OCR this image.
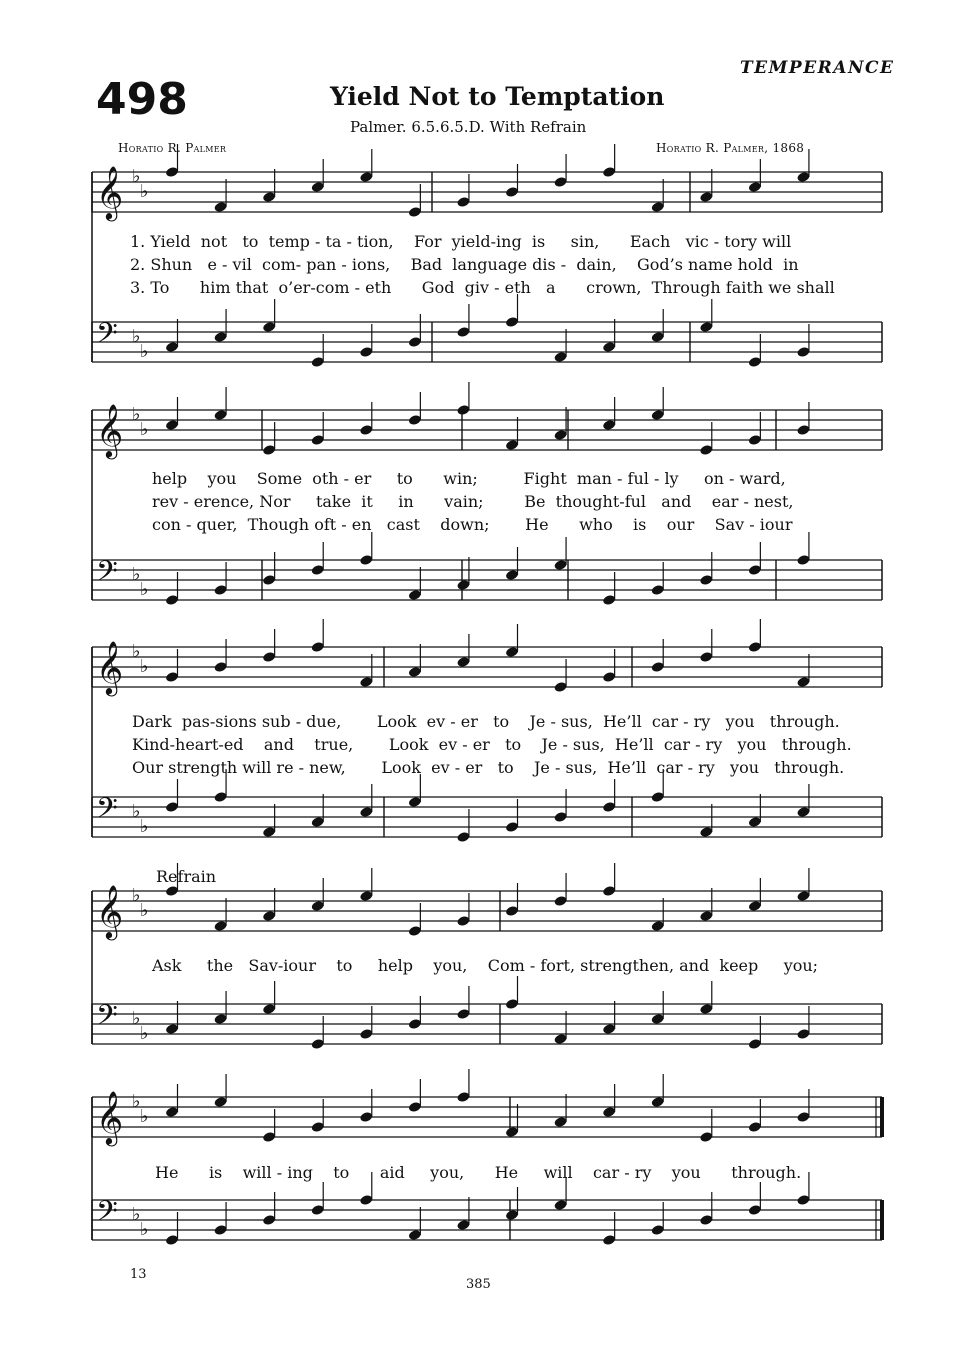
TEMPERANCE
498	Yield Not to Temptation
Palmer. 6.5.6.5.D. With Refrain
Horatio R. Palmer	Horatio R. Palmer, 1868
𝄞 ♭
♭
𝄢 ♭
♭
𝄞 ♭
♭
𝄢 ♭
♭
𝄞 ♭
♭
𝄢 ♭
♭
𝄞 ♭
♭
𝄢 ♭
♭
𝄞 ♭
♭
𝄢 ♭
♭
1. Yield  not   to  temp - ta - tion,    For  yield-ing  is     sin,      Each   vic - tory will
2. Shun   e - vil  com- pan - ions,    Bad  language dis -  dain,    God’s name hold  in
3. To      him that  o’er-com - eth      God  giv - eth   a      crown,  Through faith we shall
help    you    Some  oth - er     to      win;         Fight  man - ful - ly     on - ward,
rev - erence, Nor     take  it     in      vain;        Be  thought-ful   and    ear - nest,
con - quer,  Though oft - en   cast    down;       He      who    is    our    Sav - iour
Dark  pas-sions sub - due,       Look  ev - er   to    Je - sus,  He’ll  car - ry   you   through.
Kind-heart-ed    and    true,       Look  ev - er   to    Je - sus,  He’ll  car - ry   you   through.
Our strength will re - new,       Look  ev - er   to    Je - sus,  He’ll  car - ry   you   through.
Refrain
Ask     the   Sav-iour    to     help    you,    Com - fort, strengthen, and  keep     you;
He      is    will - ing    to      aid     you,      He     will    car - ry    you      through.
13
385
